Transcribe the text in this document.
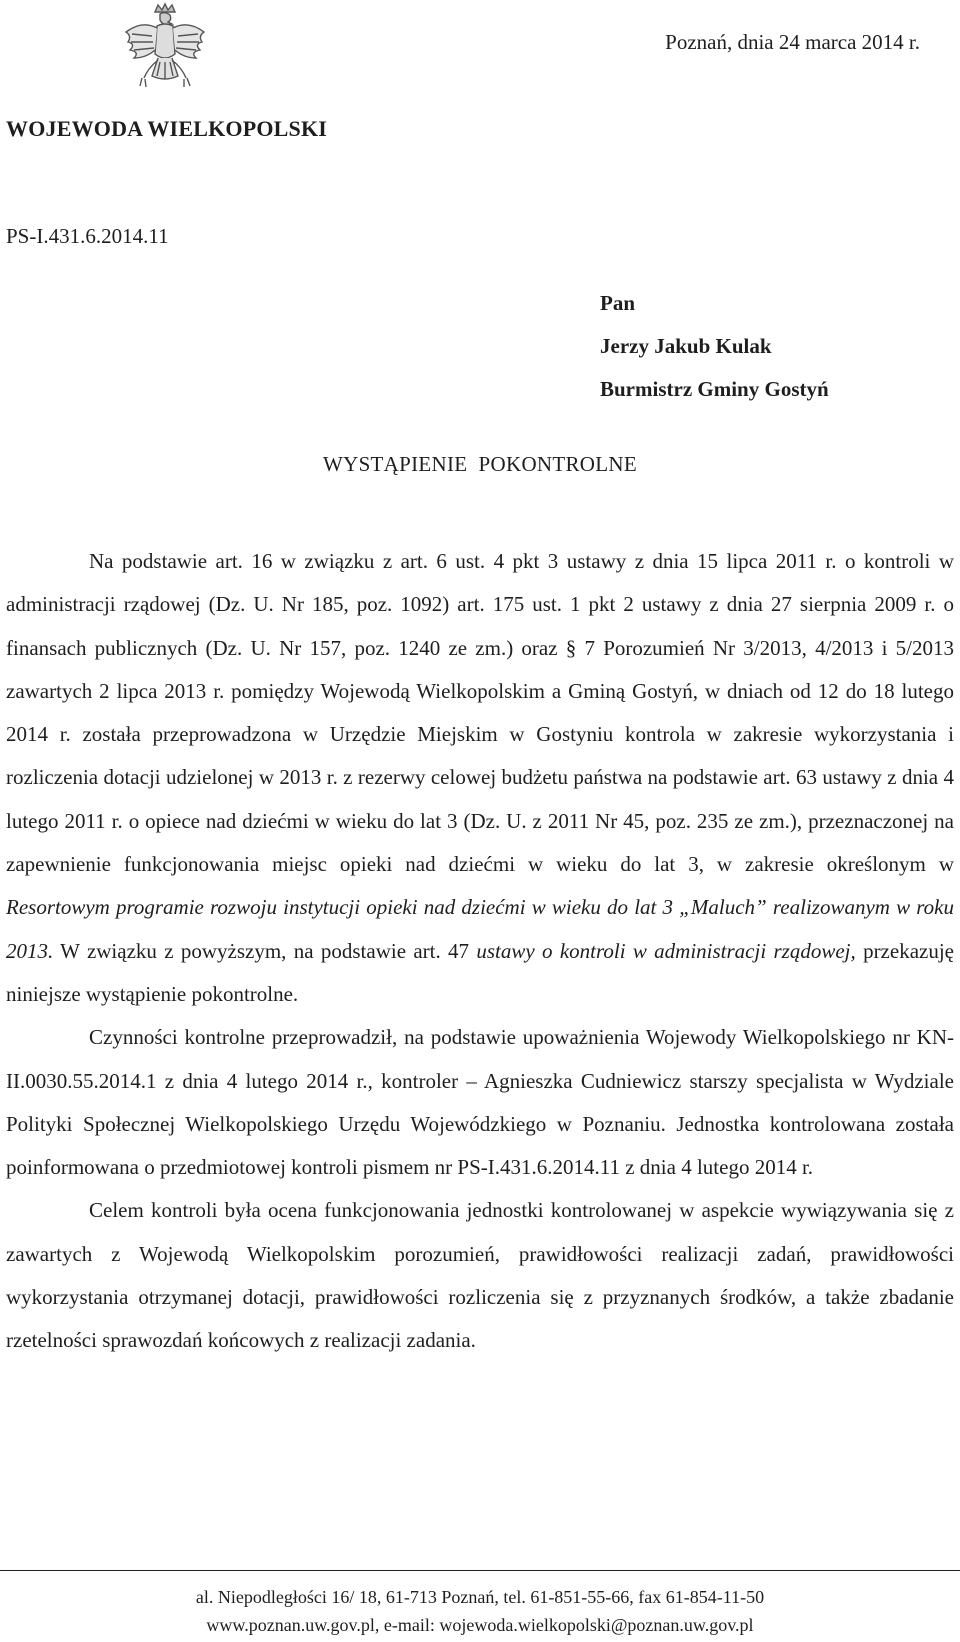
Poznań, dnia 24 marca 2014 r.
WOJEWODA WIELKOPOLSKI
PS-I.431.6.2014.11
Pan
Jerzy Jakub Kulak
Burmistrz Gminy Gostyń
WYSTĄPIENIE  POKONTROLNE

Na podstawie art. 16 w związku z art. 6 ust. 4 pkt 3 ustawy z dnia 15 lipca 2011 r. o kontroli w administracji rządowej (Dz. U. Nr 185, poz. 1092) art. 175 ust. 1 pkt 2 ustawy z dnia 27 sierpnia 2009 r. o finansach publicznych (Dz. U. Nr 157, poz. 1240 ze zm.) oraz § 7 Porozumień Nr 3/2013, 4/2013 i 5/2013 zawartych 2 lipca 2013 r. pomiędzy Wojewodą Wielkopolskim a Gminą Gostyń, w dniach od 12 do 18 lutego 2014 r. została przeprowadzona w Urzędzie Miejskim w Gostyniu kontrola w zakresie wykorzystania i rozliczenia dotacji udzielonej w 2013 r. z rezerwy celowej budżetu państwa na podstawie art. 63 ustawy z dnia 4 lutego 2011 r. o opiece nad dziećmi w wieku do lat 3 (Dz. U. z 2011 Nr 45, poz. 235 ze zm.), przeznaczonej na zapewnienie funkcjonowania miejsc opieki nad dziećmi w wieku do lat 3, w zakresie określonym w Resortowym programie rozwoju instytucji opieki nad dziećmi w wieku do lat 3 „Maluch” realizowanym w roku 2013. W związku z powyższym, na podstawie art. 47 ustawy o kontroli w administracji rządowej, przekazuję niniejsze wystąpienie pokontrolne.

Czynności kontrolne przeprowadził, na podstawie upoważnienia Wojewody Wielkopolskiego nr KN-II.0030.55.2014.1 z dnia 4 lutego 2014 r., kontroler – Agnieszka Cudniewicz starszy specjalista w Wydziale Polityki Społecznej Wielkopolskiego Urzędu Wojewódzkiego w Poznaniu. Jednostka kontrolowana została poinformowana o przedmiotowej kontroli pismem nr PS-I.431.6.2014.11 z dnia 4 lutego 2014 r.

Celem kontroli była ocena funkcjonowania jednostki kontrolowanej w aspekcie wywiązywania się z zawartych z Wojewodą Wielkopolskim porozumień, prawidłowości realizacji zadań, prawidłowości wykorzystania otrzymanej dotacji, prawidłowości rozliczenia się z przyznanych środków, a także zbadanie rzetelności sprawozdań końcowych z realizacji zadania.

al. Niepodległości 16/ 18, 61-713 Poznań, tel. 61-851-55-66, fax 61-854-11-50
www.poznan.uw.gov.pl, e-mail: wojewoda.wielkopolski@poznan.uw.gov.pl
